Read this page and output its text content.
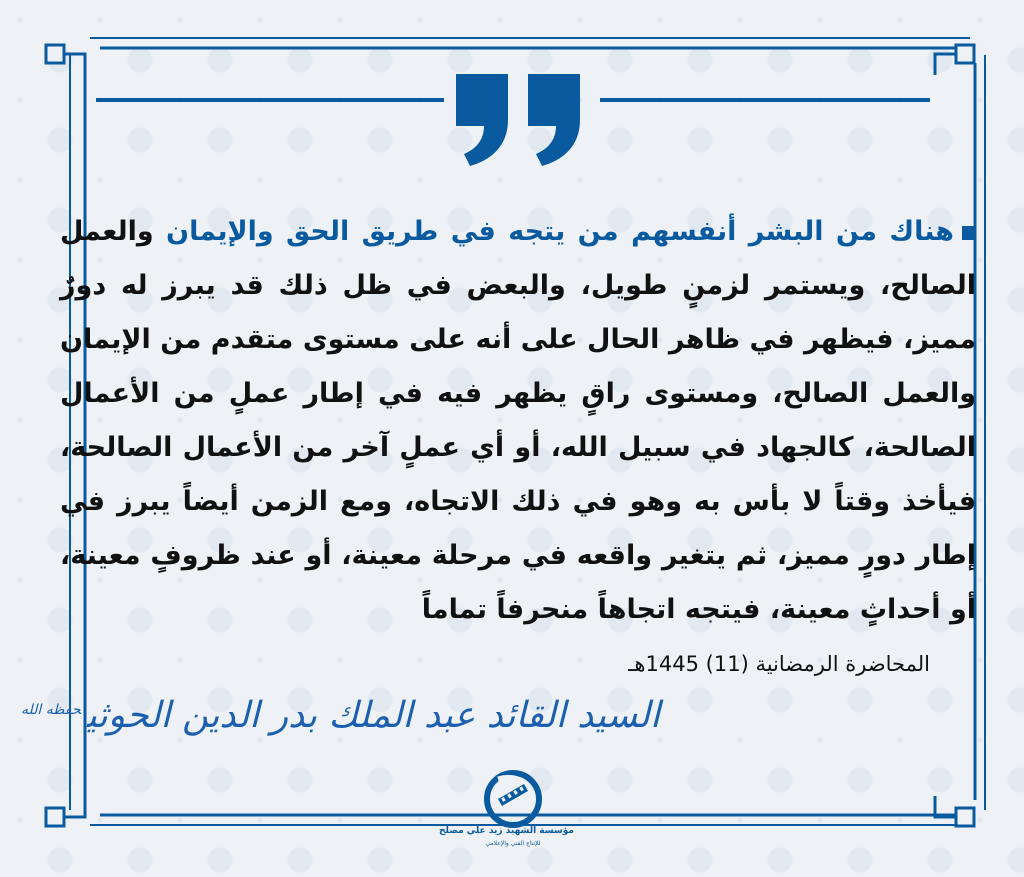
هناك من البشر أنفسهم من يتجه في طريق الحق والإيمان والعمل الصالح، ويستمر لزمنٍ طويل، والبعض في ظل ذلك قد يبرز له دورٌ مميز، فيظهر في ظاهر الحال على أنه على مستوى متقدم من الإيمان والعمل الصالح، ومستوى راقٍ يظهر فيه في إطار عملٍ من الأعمال الصالحة، كالجهاد في سبيل الله، أو أي عملٍ آخر من الأعمال الصالحة، فيأخذ وقتاً لا بأس به وهو في ذلك الاتجاه، ومع الزمن أيضاً يبرز في إطار دورٍ مميز، ثم يتغير واقعه في مرحلة معينة، أو عند ظروفٍ معينة، أو أحداثٍ معينة، فيتجه اتجاهاً منحرفاً تماماً
المحاضرة الرمضانية (11) 1445هـ
السيد القائد عبد الملك بدر الدين الحوثي$^{حفظه الله}$
مؤسسة الشهيد زيد علي مصلح
للإنتاج الفني والإعلامي
